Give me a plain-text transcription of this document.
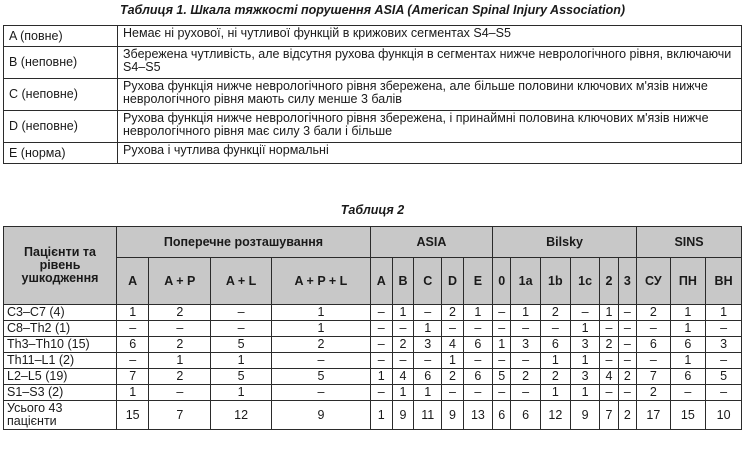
Таблиця 1. Шкала тяжкості порушення ASIA (American Spinal Injury Association)
A (повне)	Немає ні рухової, ні чутливої функцій в крижових сегментах S4–S5
B (неповне)	Збережена чутливість, але відсутня рухова функція в сегментах нижче неврологічного рівня, включаючи S4–S5
C (неповне)	Рухова функція нижче неврологічного рівня збережена, але більше половини ключових м'язів нижче неврологічного рівня мають силу менше 3 балів
D (неповне)	Рухова функція нижче неврологічного рівня збережена, і принаймні половина ключових м'язів нижче неврологічного рівня має силу 3 бали і більше
E (норма)	Рухова і чутлива функції нормальні
Таблиця 2
Пацієнти та рівень ушкодження	Поперечне розташування				ASIA					Bilsky						SINS		
	A	A + P	A + L	A + P + L	A	B	C	D	E	0	1a	1b	1c	2	3	СУ	ПН	ВН
C3–C7 (4)	1	2	–	1	–	1	–	2	1	–	1	2	–	1	–	2	1	1
C8–Th2 (1)	–	–	–	1	–	–	1	–	–	–	–	–	1	–	–	–	1	–
Th3–Th10 (15)	6	2	5	2	–	2	3	4	6	1	3	6	3	2	–	6	6	3
Th11–L1 (2)	–	1	1	–	–	–	–	1	–	–	–	1	1	–	–	–	1	–
L2–L5 (19)	7	2	5	5	1	4	6	2	6	5	2	2	3	4	2	7	6	5
S1–S3 (2)	1	–	1	–	–	1	1	–	–	–	–	1	1	–	–	2	–	–
Усього 43 пацієнти	15	7	12	9	1	9	11	9	13	6	6	12	9	7	2	17	15	10
